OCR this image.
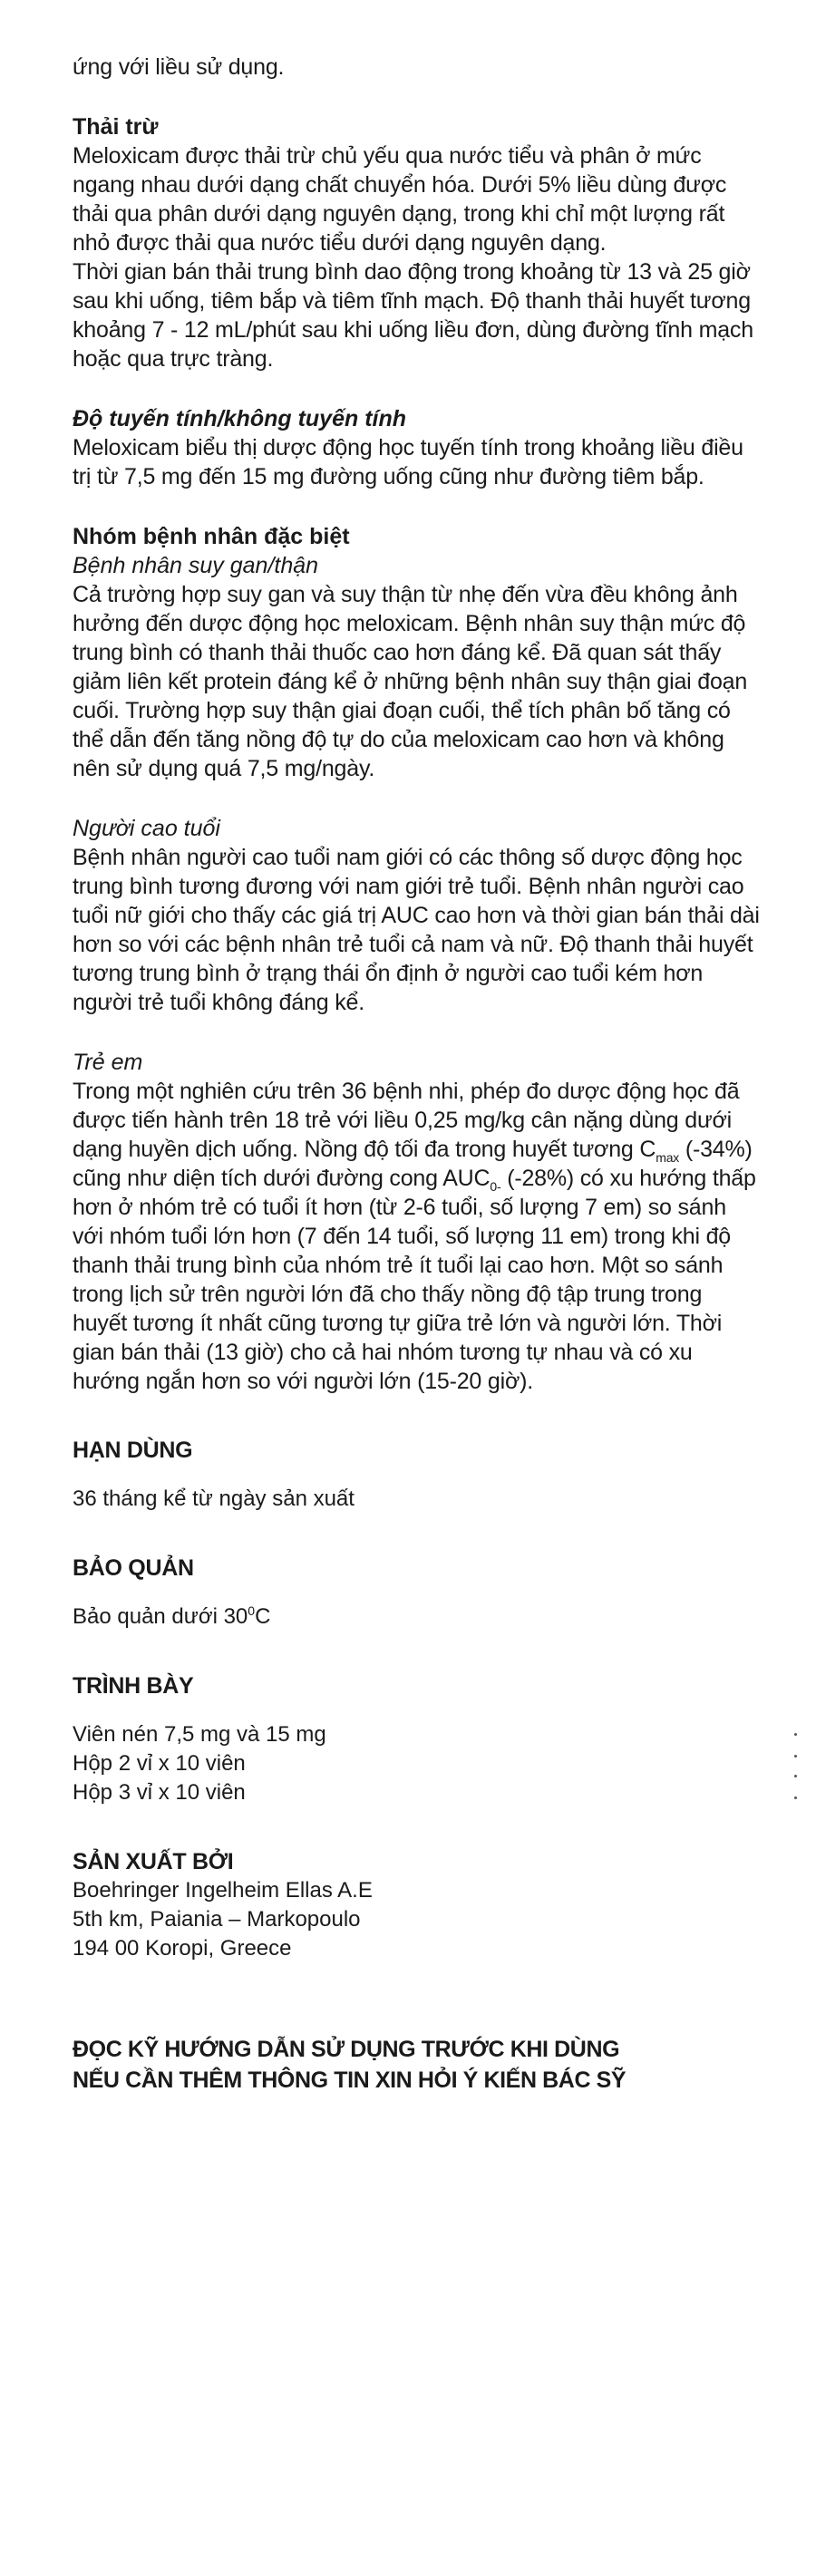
ứng với liều sử dụng.

Thải trừ

Meloxicam được thải trừ chủ yếu qua nước tiểu và phân ở mức ngang nhau dưới dạng chất chuyển hóa. Dưới 5% liều dùng được thải qua phân dưới dạng nguyên dạng, trong khi chỉ một lượng rất nhỏ được thải qua nước tiểu dưới dạng nguyên dạng.

Thời gian bán thải trung bình dao động trong khoảng từ 13 và 25 giờ sau khi uống, tiêm bắp và tiêm tĩnh mạch. Độ thanh thải huyết tương khoảng 7 - 12 mL/phút sau khi uống liều đơn, dùng đường tĩnh mạch hoặc qua trực tràng.

Độ tuyến tính/không tuyến tính

Meloxicam biểu thị dược động học tuyến tính trong khoảng liều điều trị từ 7,5 mg đến 15 mg đường uống cũng như đường tiêm bắp.

Nhóm bệnh nhân đặc biệt

Bệnh nhân suy gan/thận

Cả trường hợp suy gan và suy thận từ nhẹ đến vừa đều không ảnh hưởng đến dược động học meloxicam. Bệnh nhân suy thận mức độ trung bình có thanh thải thuốc cao hơn đáng kể. Đã quan sát thấy giảm liên kết protein đáng kể ở những bệnh nhân suy thận giai đoạn cuối. Trường hợp suy thận giai đoạn cuối, thể tích phân bố tăng có thể dẫn đến tăng nồng độ tự do của meloxicam cao hơn và không nên sử dụng quá 7,5 mg/ngày.

Người cao tuổi

Bệnh nhân người cao tuổi nam giới có các thông số dược động học trung bình tương đương với nam giới trẻ tuổi. Bệnh nhân người cao tuổi nữ giới cho thấy các giá trị AUC cao hơn và thời gian bán thải dài hơn so với các bệnh nhân trẻ tuổi cả nam và nữ. Độ thanh thải huyết tương trung bình ở trạng thái ổn định ở người cao tuổi kém hơn người trẻ tuổi không đáng kể.

Trẻ em

Trong một nghiên cứu trên 36 bệnh nhi, phép đo dược động học đã được tiến hành trên 18 trẻ với liều 0,25 mg/kg cân nặng dùng dưới dạng huyền dịch uống. Nồng độ tối đa trong huyết tương $C_{max}$ (-34%) cũng như diện tích dưới đường cong $AUC_{0-}$ (-28%) có xu hướng thấp hơn ở nhóm trẻ có tuổi ít hơn (từ 2-6 tuổi, số lượng 7 em) so sánh với nhóm tuổi lớn hơn (7 đến 14 tuổi, số lượng 11 em) trong khi độ thanh thải trung bình của nhóm trẻ ít tuổi lại cao hơn. Một so sánh trong lịch sử trên người lớn đã cho thấy nồng độ tập trung trong huyết tương ít nhất cũng tương tự giữa trẻ lớn và người lớn. Thời gian bán thải (13 giờ) cho cả hai nhóm tương tự nhau và có xu hướng ngắn hơn so với người lớn (15-20 giờ).

HẠN DÙNG

36 tháng kể từ ngày sản xuất

BẢO QUẢN

Bảo quản dưới $30^0C$

TRÌNH BÀY

Viên nén 7,5 mg và 15 mg

Hộp 2 vỉ x 10 viên

Hộp 3 vỉ x 10 viên

SẢN XUẤT BỞI

Boehringer Ingelheim Ellas A.E

5th km, Paiania – Markopoulo

194 00 Koropi, Greece

ĐỌC KỸ HƯỚNG DẪN SỬ DỤNG TRƯỚC KHI DÙNG

NẾU CẦN THÊM THÔNG TIN XIN HỎI Ý KIẾN BÁC SỸ
